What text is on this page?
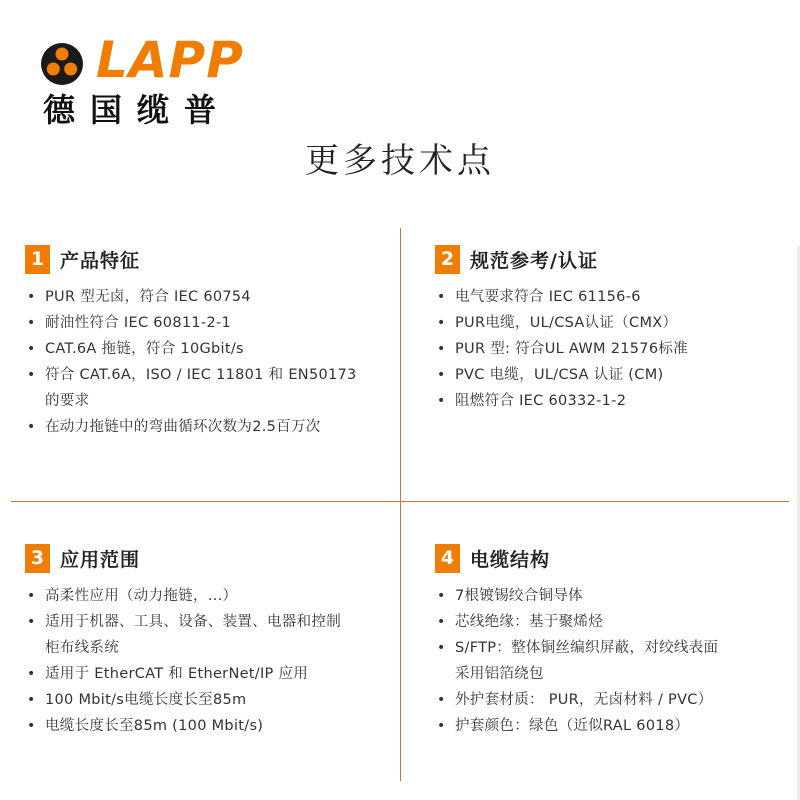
LAPP
德国缆普
更多技术点
1 产品特征
• PUR 型无卤，符合 IEC 60754
• 耐油性符合 IEC 60811-2-1
• CAT.6A 拖链，符合 10Gbit/s
• 符合 CAT.6A，ISO / IEC 11801 和 EN50173 的要求
• 在动力拖链中的弯曲循环次数为2.5百万次
2 规范参考/认证
• 电气要求符合 IEC 61156-6
• PUR电缆，UL/CSA认证（CMX）
• PUR 型: 符合UL AWM 21576标准
• PVC 电缆，UL/CSA 认证 (CM)
• 阻燃符合 IEC 60332-1-2
3 应用范围
• 高柔性应用（动力拖链，...）
• 适用于机器、工具、设备、装置、电器和控制柜布线系统
• 适用于 EtherCAT 和 EtherNet/IP 应用
• 100 Mbit/s电缆长度长至85m
• 电缆长度长至85m (100 Mbit/s)
4 电缆结构
• 7根镀锡绞合铜导体
• 芯线绝缘：基于聚烯烃
• S/FTP：整体铜丝编织屏蔽，对绞线表面采用铝箔绕包
• 外护套材质： PUR，无卤材料 / PVC）
• 护套颜色：绿色（近似RAL 6018）
